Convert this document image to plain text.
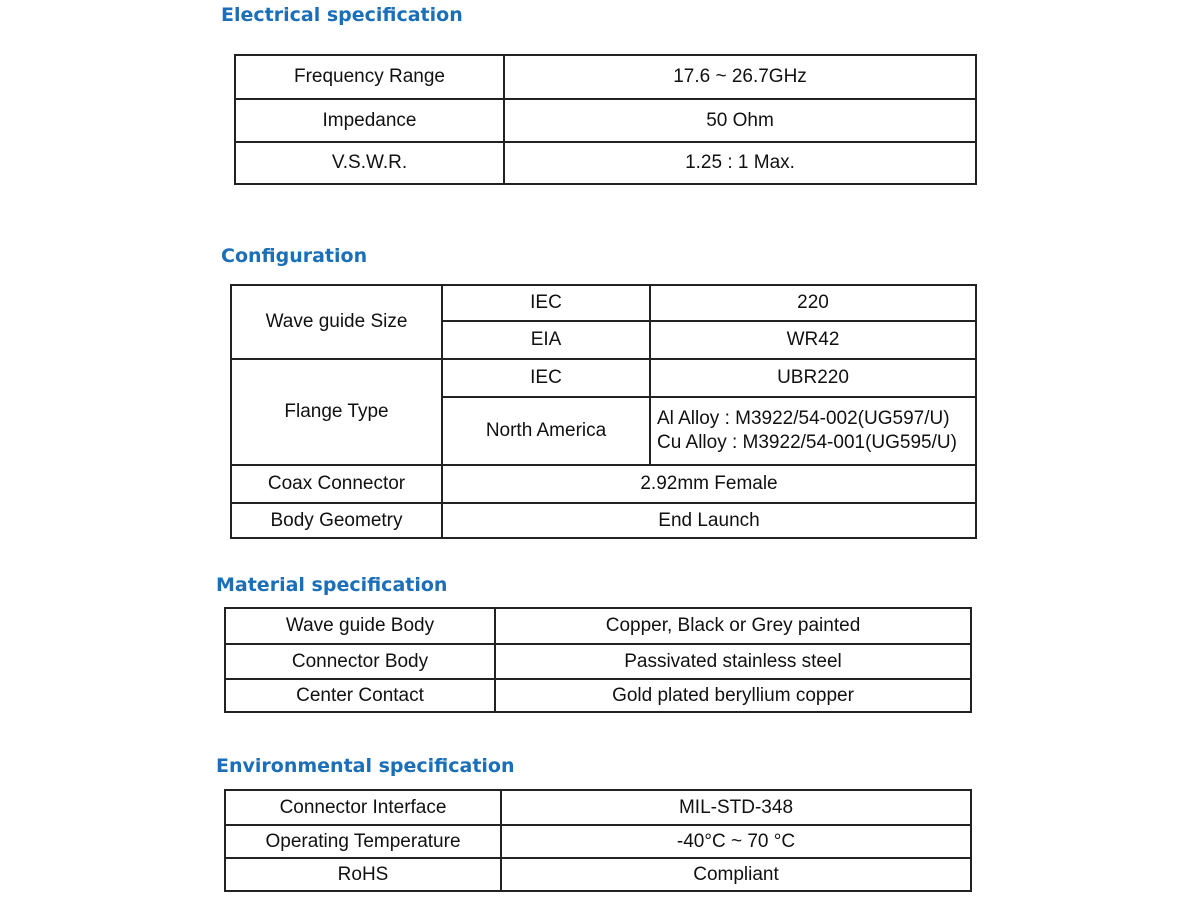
Electrical specification
Frequency Range	17.6 ~ 26.7GHz
Impedance	50 Ohm
V.S.W.R.	1.25 : 1 Max.
Configuration
Wave guide Size	IEC	220
	EIA	WR42
Flange Type	IEC	UBR220
	North America	Al Alloy : M3922/54-002(UG597/U)
Cu Alloy : M3922/54-001(UG595/U)

Coax Connector	2.92mm Female	
Body Geometry	End Launch	
Material specification
Wave guide Body	Copper, Black or Grey painted
Connector Body	Passivated stainless steel
Center Contact	Gold plated beryllium copper
Environmental specification
Connector Interface	MIL-STD-348
Operating Temperature	-40°C ~ 70 °C
RoHS	Compliant
